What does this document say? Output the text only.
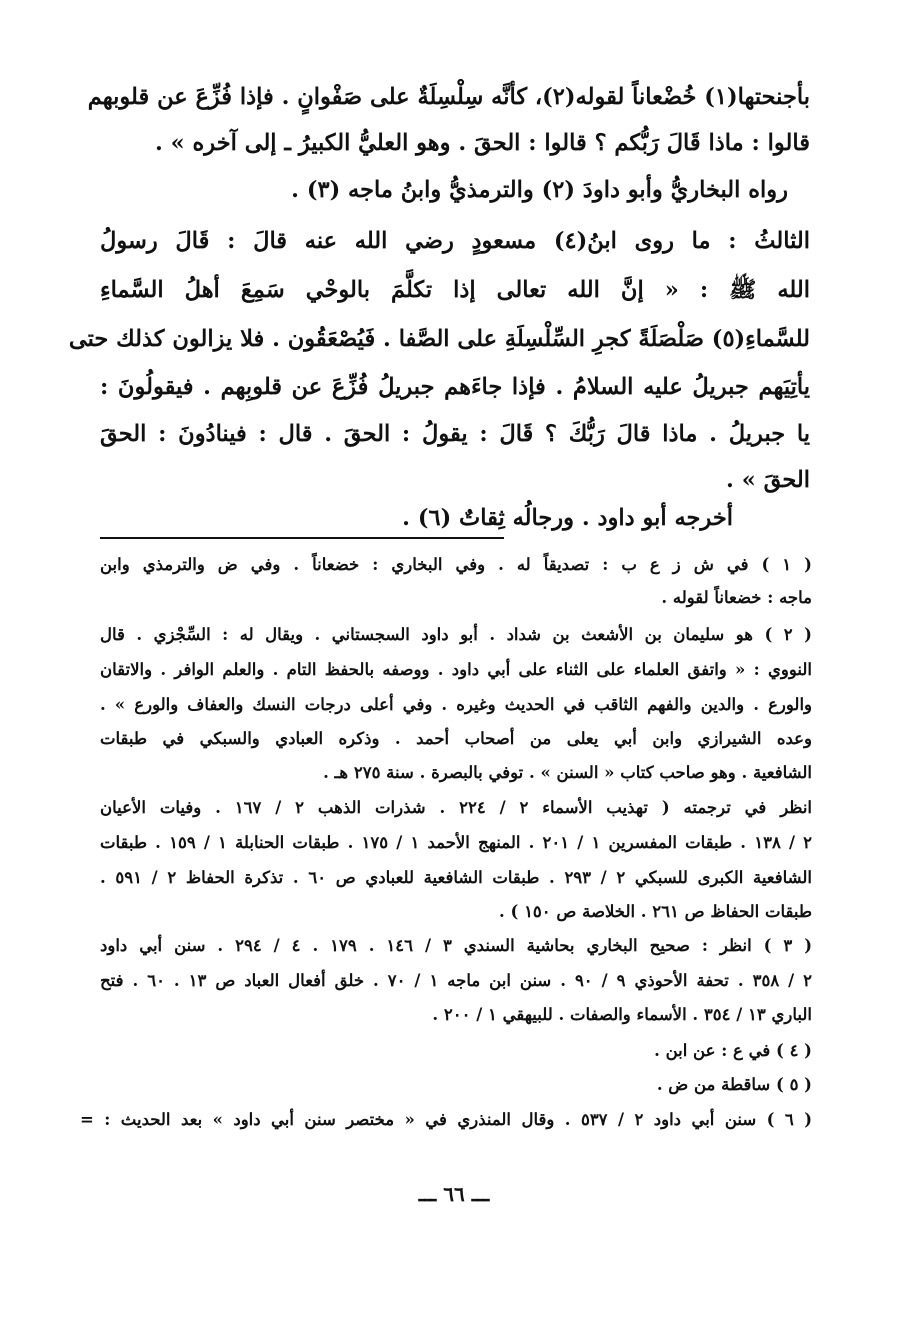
بأجنحتها(١) خُضْعاناً لقوله(٢)، كأنَّه سِلْسِلَةٌ على صَفْوانٍ . فإذا فُزِّعَ عن قلوبهم
قالوا : ماذا قَالَ رَبُّكم ؟ قالوا : الحقَ . وهو العليُّ الكبيرُ ـ إلى آخره » .
رواه البخاريُّ وأبو داودَ (٢) والترمذيُّ وابنُ ماجه (٣) .
الثالثُ : ما روى ابنُ(٤) مسعودٍ رضي الله عنه قالَ : قَالَ رسولُ
الله ﷺ : « إنَّ الله تعالى إذا تكلَّمَ بالوحْي سَمِعَ أهلُ السَّماءِ
للسَّماءِ(٥) صَلْصَلَةً كجرِ السِّلْسِلَةِ على الصَّفا . فَيُصْعَقُون . فلا يزالون كذلك حتى
يأتِيَهم جبريلُ عليه السلامُ . فإذا جاءَهم جبريلُ فُزِّعَ عن قلوبِهم . فيقولُونَ :
يا جبريلُ . ماذا قالَ رَبُّكَ ؟ قَالَ : يقولُ : الحقَ . قال : فينادُونَ : الحقَ
الحقَ » .
أخرجه أبو داود . ورجالُه ثِقاتٌ (٦) .
( ١ ) في ش ز ع ب : تصديقاً له . وفي البخاري : خضعاناً . وفي ض والترمذي وابن
ماجه : خضعاناً لقوله .
( ٢ ) هو سليمان بن الأشعث بن شداد . أبو داود السجستاني . ويقال له : السِّجْزي . قال
النووي : « واتفق العلماء على الثناء على أبي داود . ووصفه بالحفظ التام . والعلم الوافر . والاتقان
والورع . والدين والفهم الثاقب في الحديث وغيره . وفي أعلى درجات النسك والعفاف والورع » .
وعده الشيرازي وابن أبي يعلى من أصحاب أحمد . وذكره العبادي والسبكي في طبقات
الشافعية . وهو صاحب كتاب « السنن » . توفي بالبصرة . سنة ٢٧٥ هـ .
انظر في ترجمته ( تهذيب الأسماء ٢ / ٢٢٤ . شذرات الذهب ٢ / ١٦٧ . وفيات الأعيان
٢ / ١٣٨ . طبقات المفسرين ١ / ٢٠١ . المنهج الأحمد ١ / ١٧٥ . طبقات الحنابلة ١ / ١٥٩ . طبقات
الشافعية الكبرى للسبكي ٢ / ٢٩٣ . طبقات الشافعية للعبادي ص ٦٠ . تذكرة الحفاظ ٢ / ٥٩١ .
طبقات الحفاظ ص ٢٦١ . الخلاصة ص ١٥٠ ) .
( ٣ ) انظر : صحيح البخاري بحاشية السندي ٣ / ١٤٦ . ١٧٩ . ٤ / ٢٩٤ . سنن أبي داود
٢ / ٣٥٨ . تحفة الأحوذي ٩ / ٩٠ . سنن ابن ماجه ١ / ٧٠ . خلق أفعال العباد ص ١٣ . ٦٠ . فتح
الباري ١٣ / ٣٥٤ . الأسماء والصفات . للبيهقي ١ / ٢٠٠ .
( ٤ ) في ع : عن ابن .
( ٥ ) ساقطة من ض .
( ٦ ) سنن أبي داود ٢ / ٥٣٧ . وقال المنذري في « مختصر سنن أبي داود » بعد الحديث : =
ـــ ٦٦ ـــ
